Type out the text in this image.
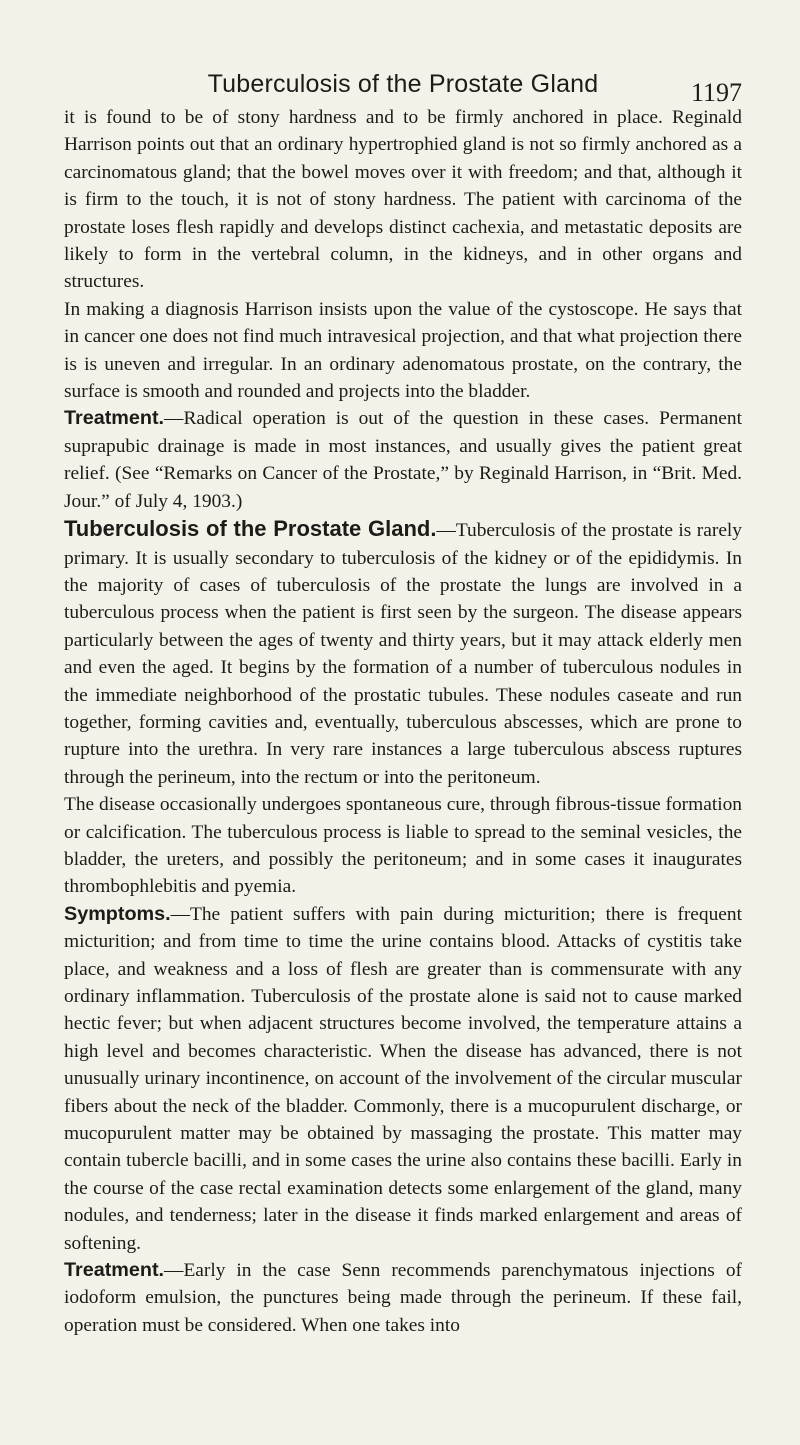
Tuberculosis of the Prostate Gland	1197

it is found to be of stony hardness and to be firmly anchored in place. Reginald Harrison points out that an ordinary hypertrophied gland is not so firmly anchored as a carcinomatous gland; that the bowel moves over it with freedom; and that, although it is firm to the touch, it is not of stony hardness. The patient with carcinoma of the prostate loses flesh rapidly and develops distinct cachexia, and metastatic deposits are likely to form in the vertebral column, in the kidneys, and in other organs and structures.

In making a diagnosis Harrison insists upon the value of the cystoscope. He says that in cancer one does not find much intravesical projection, and that what projection there is is uneven and irregular. In an ordinary adenomatous prostate, on the contrary, the surface is smooth and rounded and projects into the bladder.

Treatment.—Radical operation is out of the question in these cases. Permanent suprapubic drainage is made in most instances, and usually gives the patient great relief. (See “Remarks on Cancer of the Prostate,” by Reginald Harrison, in “Brit. Med. Jour.” of July 4, 1903.)

Tuberculosis of the Prostate Gland.—Tuberculosis of the prostate is rarely primary. It is usually secondary to tuberculosis of the kidney or of the epididymis. In the majority of cases of tuberculosis of the prostate the lungs are involved in a tuberculous process when the patient is first seen by the surgeon. The disease appears particularly between the ages of twenty and thirty years, but it may attack elderly men and even the aged. It begins by the formation of a number of tuberculous nodules in the immediate neighborhood of the prostatic tubules. These nodules caseate and run together, forming cavities and, eventually, tuberculous abscesses, which are prone to rupture into the urethra. In very rare instances a large tuberculous abscess ruptures through the perineum, into the rectum or into the peritoneum.

The disease occasionally undergoes spontaneous cure, through fibrous-tissue formation or calcification. The tuberculous process is liable to spread to the seminal vesicles, the bladder, the ureters, and possibly the peritoneum; and in some cases it inaugurates thrombophlebitis and pyemia.

Symptoms.—The patient suffers with pain during micturition; there is frequent micturition; and from time to time the urine contains blood. Attacks of cystitis take place, and weakness and a loss of flesh are greater than is commensurate with any ordinary inflammation. Tuberculosis of the prostate alone is said not to cause marked hectic fever; but when adjacent structures become involved, the temperature attains a high level and becomes characteristic. When the disease has advanced, there is not unusually urinary incontinence, on account of the involvement of the circular muscular fibers about the neck of the bladder. Commonly, there is a mucopurulent discharge, or mucopurulent matter may be obtained by massaging the prostate. This matter may contain tubercle bacilli, and in some cases the urine also contains these bacilli. Early in the course of the case rectal examination detects some enlargement of the gland, many nodules, and tenderness; later in the disease it finds marked enlargement and areas of softening.

Treatment.—Early in the case Senn recommends parenchymatous injections of iodoform emulsion, the punctures being made through the perineum. If these fail, operation must be considered. When one takes into
